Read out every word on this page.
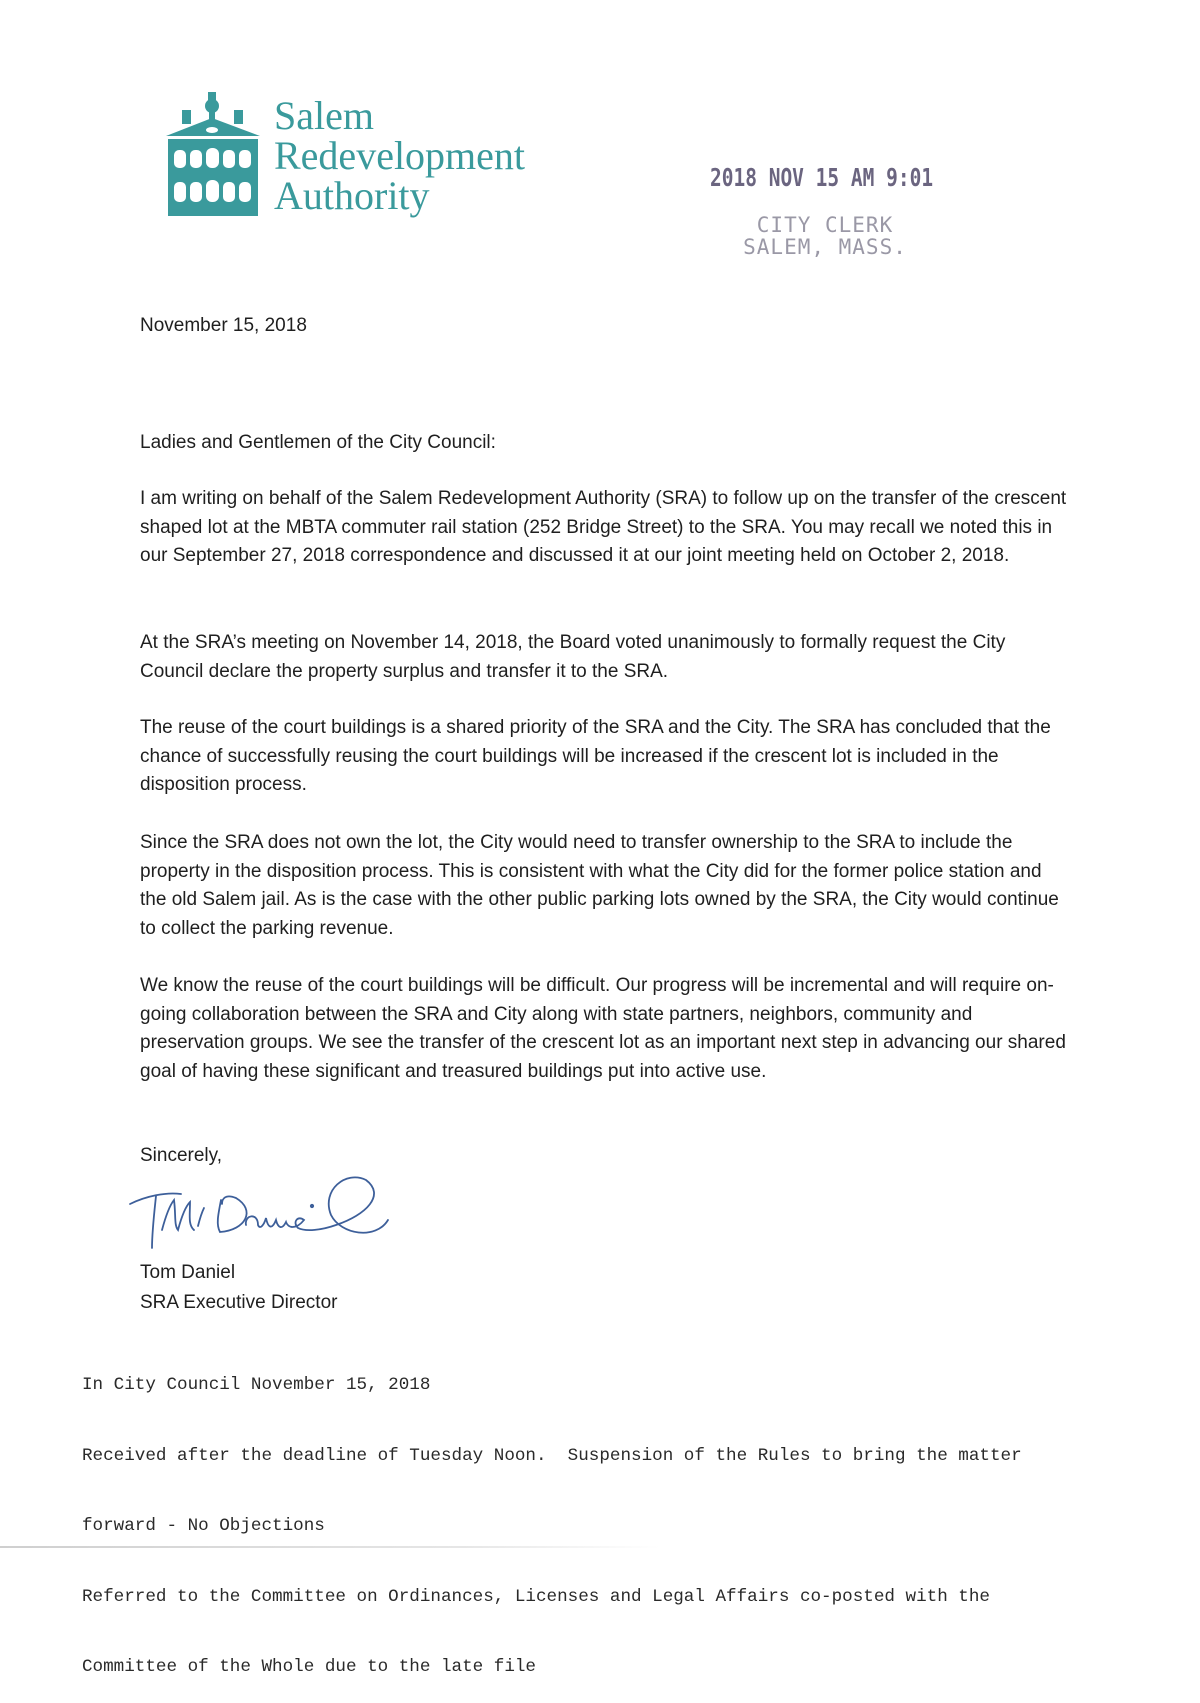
Salem
Redevelopment
Authority	2018 NOV 15 AM 9:01
CITY CLERK
SALEM, MASS.
November 15, 2018
Ladies and Gentlemen of the City Council:
I am writing on behalf of the Salem Redevelopment Authority (SRA) to follow up on the transfer of the crescent shaped lot at the MBTA commuter rail station (252 Bridge Street) to the SRA. You may recall we noted this in our September 27, 2018 correspondence and discussed it at our joint meeting held on October 2, 2018.
At the SRA’s meeting on November 14, 2018, the Board voted unanimously to formally request the City Council declare the property surplus and transfer it to the SRA.
The reuse of the court buildings is a shared priority of the SRA and the City. The SRA has concluded that the chance of successfully reusing the court buildings will be increased if the crescent lot is included in the disposition process.
Since the SRA does not own the lot, the City would need to transfer ownership to the SRA to include the property in the disposition process. This is consistent with what the City did for the former police station and the old Salem jail. As is the case with the other public parking lots owned by the SRA, the City would continue to collect the parking revenue.
We know the reuse of the court buildings will be difficult. Our progress will be incremental and will require on-going collaboration between the SRA and City along with state partners, neighbors, community and preservation groups. We see the transfer of the crescent lot as an important next step in advancing our shared goal of having these significant and treasured buildings put into active use.
Sincerely,
Tom Daniel
SRA Executive Director

In City Council November 15, 2018

Received after the deadline of Tuesday Noon.  Suspension of the Rules to bring the matter

forward - No Objections

Referred to the Committee on Ordinances, Licenses and Legal Affairs co-posted with the

Committee of the Whole due to the late file
